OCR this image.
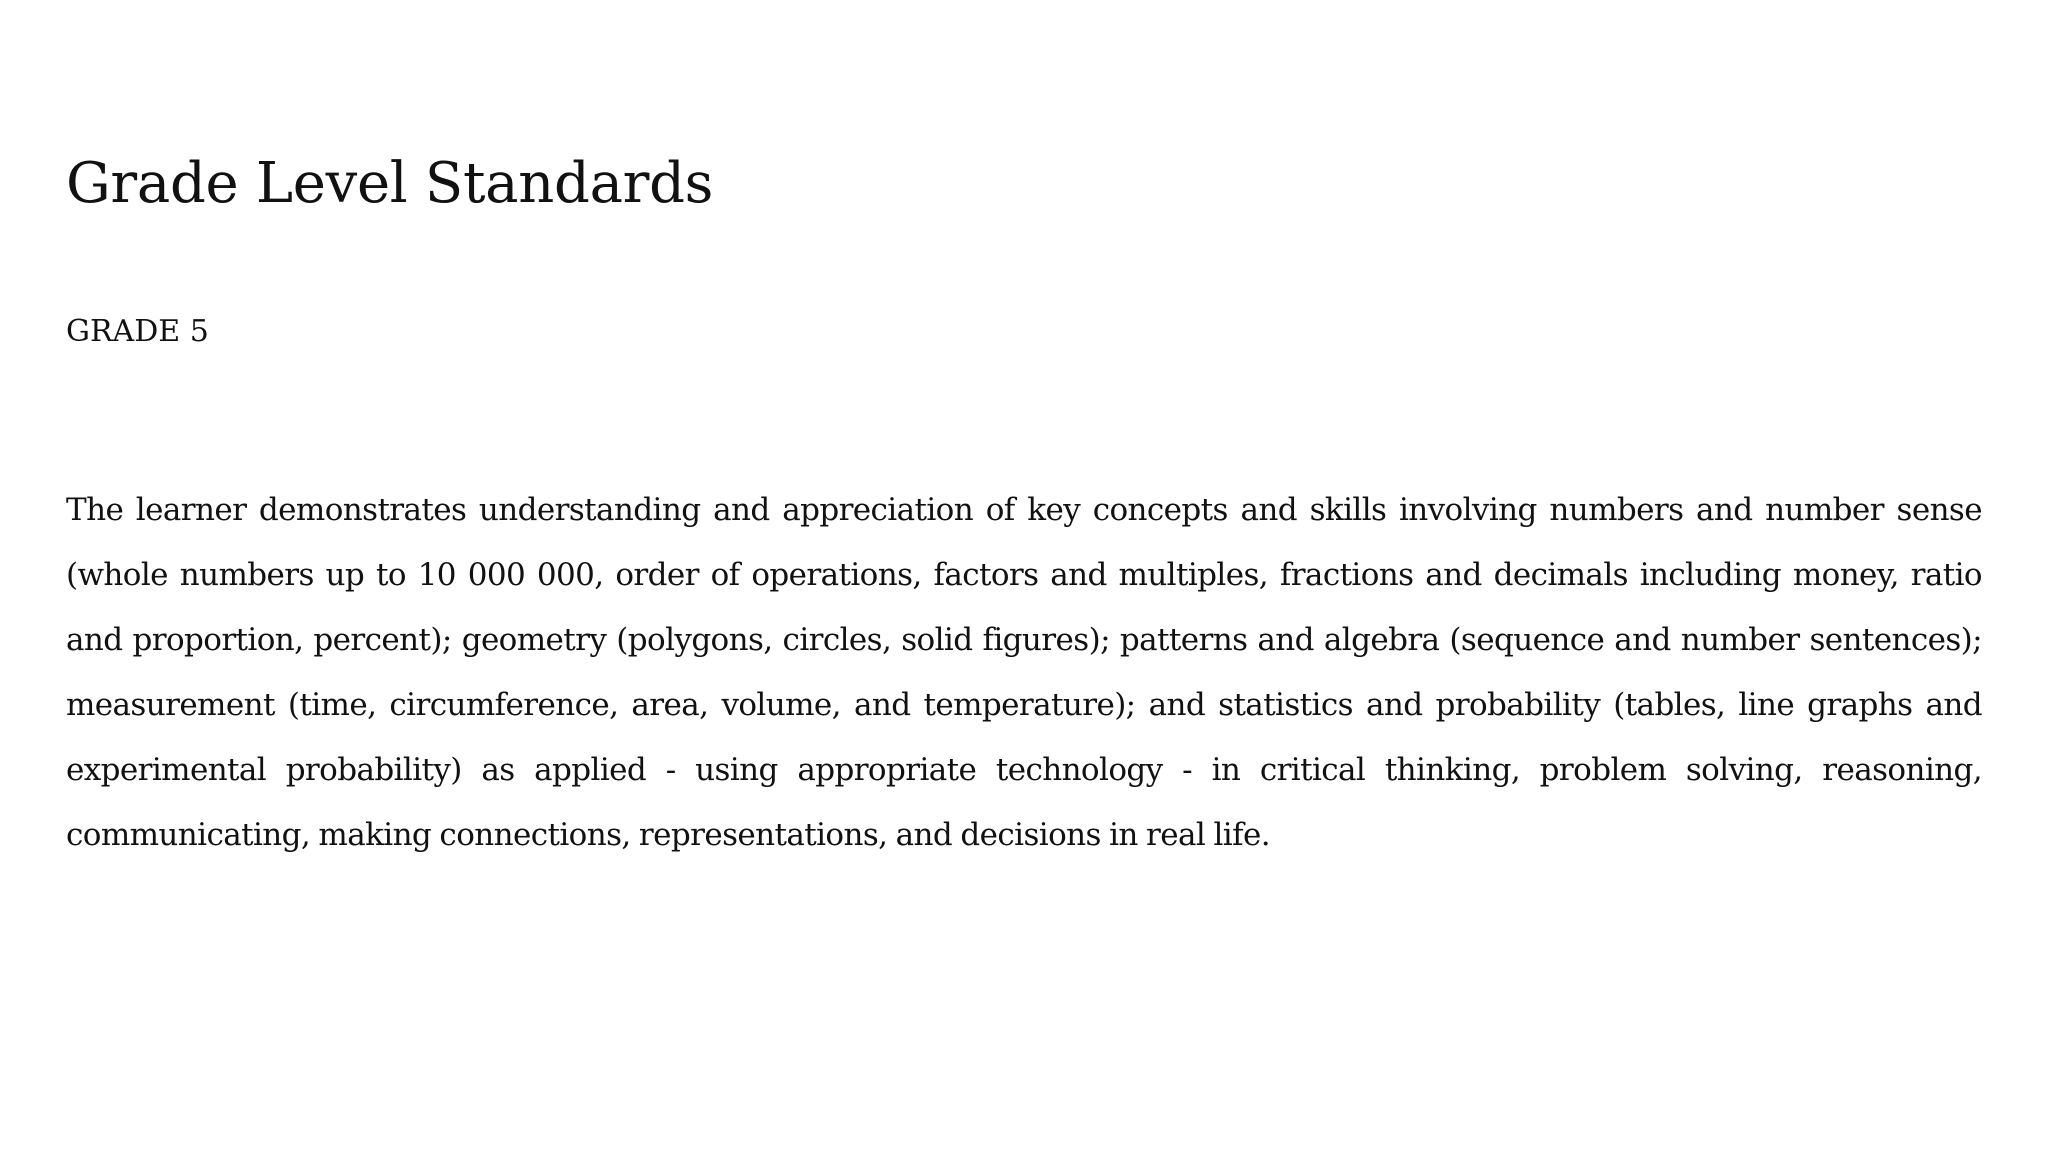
Grade Level Standards
GRADE 5

The learner demonstrates understanding and appreciation of key concepts and skills involving numbers and number sense (whole numbers up to 10 000 000, order of operations, factors and multiples, fractions and decimals including money, ratio and proportion, percent); geometry (polygons, circles, solid figures); patterns and algebra (sequence and number sentences); measurement (time, circumference, area, volume, and temperature); and statistics and probability (tables, line graphs and experimental probability) as applied - using appropriate technology - in critical thinking, problem solving, reasoning, communicating, making connections, representations, and decisions in real life.
